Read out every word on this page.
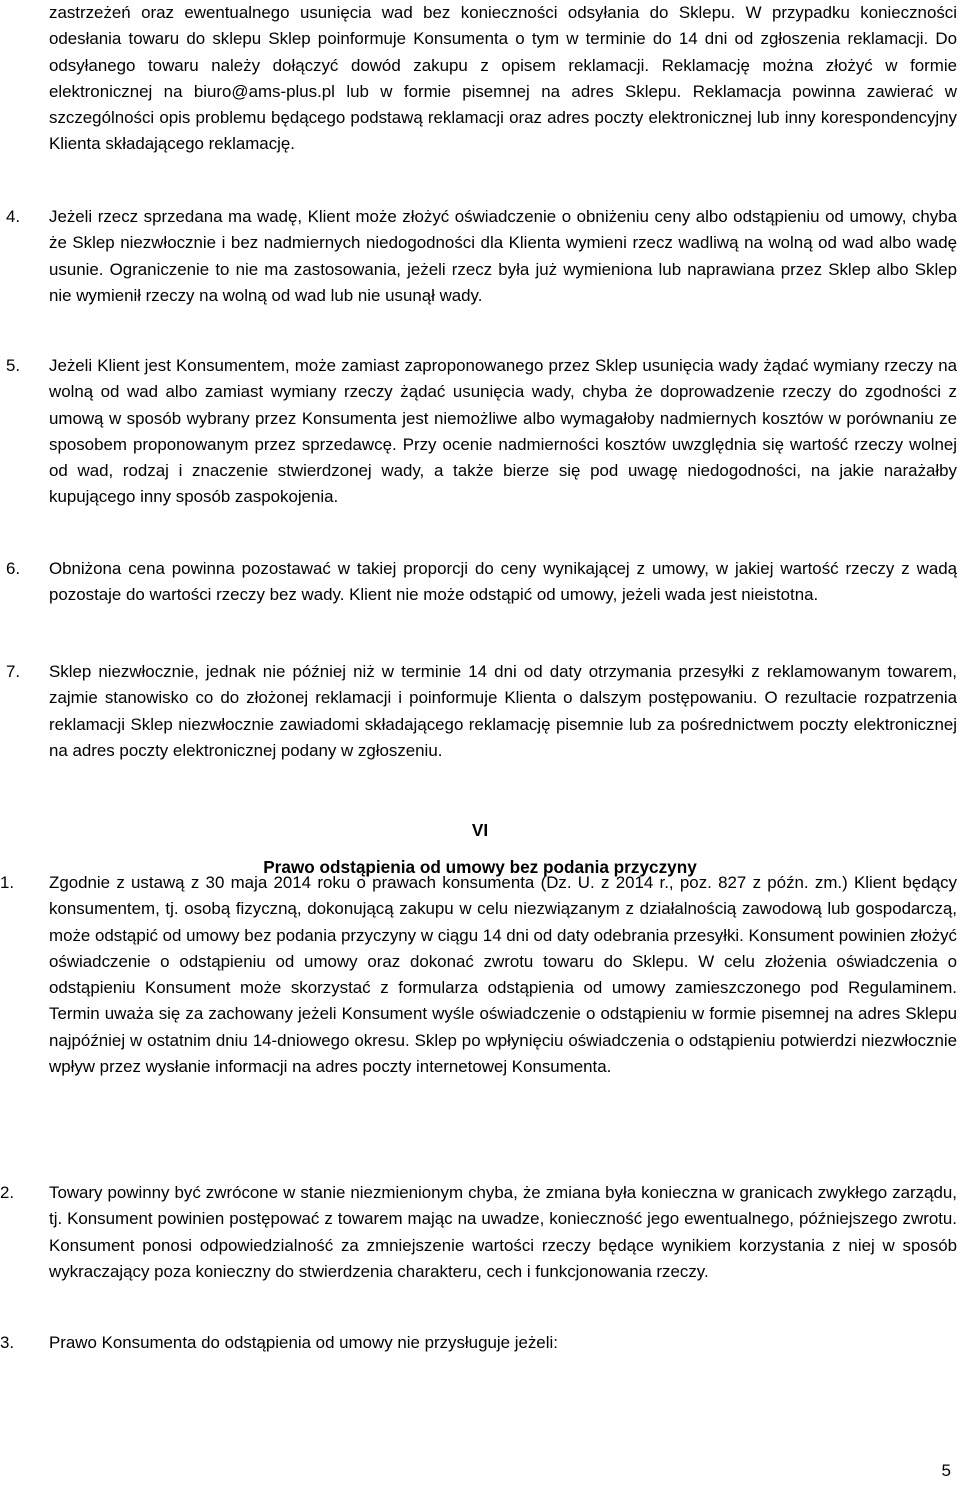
zastrzeżeń oraz ewentualnego usunięcia wad bez konieczności odsyłania do Sklepu. W przypadku konieczności odesłania towaru do sklepu Sklep poinformuje Konsumenta o tym w terminie do 14 dni od zgłoszenia reklamacji. Do odsyłanego towaru należy dołączyć dowód zakupu z opisem reklamacji. Reklamację można złożyć w formie elektronicznej na biuro@ams-plus.pl lub w formie pisemnej na adres Sklepu. Reklamacja powinna zawierać w szczególności opis problemu będącego podstawą reklamacji oraz adres poczty elektronicznej lub inny korespondencyjny Klienta składającego reklamację.

4. Jeżeli rzecz sprzedana ma wadę, Klient może złożyć oświadczenie o obniżeniu ceny albo odstąpieniu od umowy, chyba że Sklep niezwłocznie i bez nadmiernych niedogodności dla Klienta wymieni rzecz wadliwą na wolną od wad albo wadę usunie. Ograniczenie to nie ma zastosowania, jeżeli rzecz była już wymieniona lub naprawiana przez Sklep albo Sklep nie wymienił rzeczy na wolną od wad lub nie usunął wady.

5. Jeżeli Klient jest Konsumentem, może zamiast zaproponowanego przez Sklep usunięcia wady żądać wymiany rzeczy na wolną od wad albo zamiast wymiany rzeczy żądać usunięcia wady, chyba że doprowadzenie rzeczy do zgodności z umową w sposób wybrany przez Konsumenta jest niemożliwe albo wymagałoby nadmiernych kosztów w porównaniu ze sposobem proponowanym przez sprzedawcę. Przy ocenie nadmierności kosztów uwzględnia się wartość rzeczy wolnej od wad, rodzaj i znaczenie stwierdzonej wady, a także bierze się pod uwagę niedogodności, na jakie narażałby kupującego inny sposób zaspokojenia.

6. Obniżona cena powinna pozostawać w takiej proporcji do ceny wynikającej z umowy, w jakiej wartość rzeczy z wadą pozostaje do wartości rzeczy bez wady. Klient nie może odstąpić od umowy, jeżeli wada jest nieistotna.

7. Sklep niezwłocznie, jednak nie później niż w terminie 14 dni od daty otrzymania przesyłki z reklamowanym towarem, zajmie stanowisko co do złożonej reklamacji i poinformuje Klienta o dalszym postępowaniu. O rezultacie rozpatrzenia reklamacji Sklep niezwłocznie zawiadomi składającego reklamację pisemnie lub za pośrednictwem poczty elektronicznej na adres poczty elektronicznej podany w zgłoszeniu.

VI

Prawo odstąpienia od umowy bez podania przyczyny

1. Zgodnie z ustawą z 30 maja 2014 roku o prawach konsumenta (Dz. U. z 2014 r., poz. 827 z późn. zm.) Klient będący konsumentem, tj. osobą fizyczną, dokonującą zakupu w celu niezwiązanym z działalnością zawodową lub gospodarczą, może odstąpić od umowy bez podania przyczyny w ciągu 14 dni od daty odebrania przesyłki. Konsument powinien złożyć oświadczenie o odstąpieniu od umowy oraz dokonać zwrotu towaru do Sklepu. W celu złożenia oświadczenia o odstąpieniu Konsument może skorzystać z formularza odstąpienia od umowy zamieszczonego pod Regulaminem. Termin uważa się za zachowany jeżeli Konsument wyśle oświadczenie o odstąpieniu w formie pisemnej na adres Sklepu najpóźniej w ostatnim dniu 14-dniowego okresu. Sklep po wpłynięciu oświadczenia o odstąpieniu potwierdzi niezwłocznie wpływ przez wysłanie informacji na adres poczty internetowej Konsumenta.

2. Towary powinny być zwrócone w stanie niezmienionym chyba, że zmiana była konieczna w granicach zwykłego zarządu, tj. Konsument powinien postępować z towarem mając na uwadze, konieczność jego ewentualnego, późniejszego zwrotu. Konsument ponosi odpowiedzialność za zmniejszenie wartości rzeczy będące wynikiem korzystania z niej w sposób wykraczający poza konieczny do stwierdzenia charakteru, cech i funkcjonowania rzeczy.

3. Prawo Konsumenta do odstąpienia od umowy nie przysługuje jeżeli:

5
